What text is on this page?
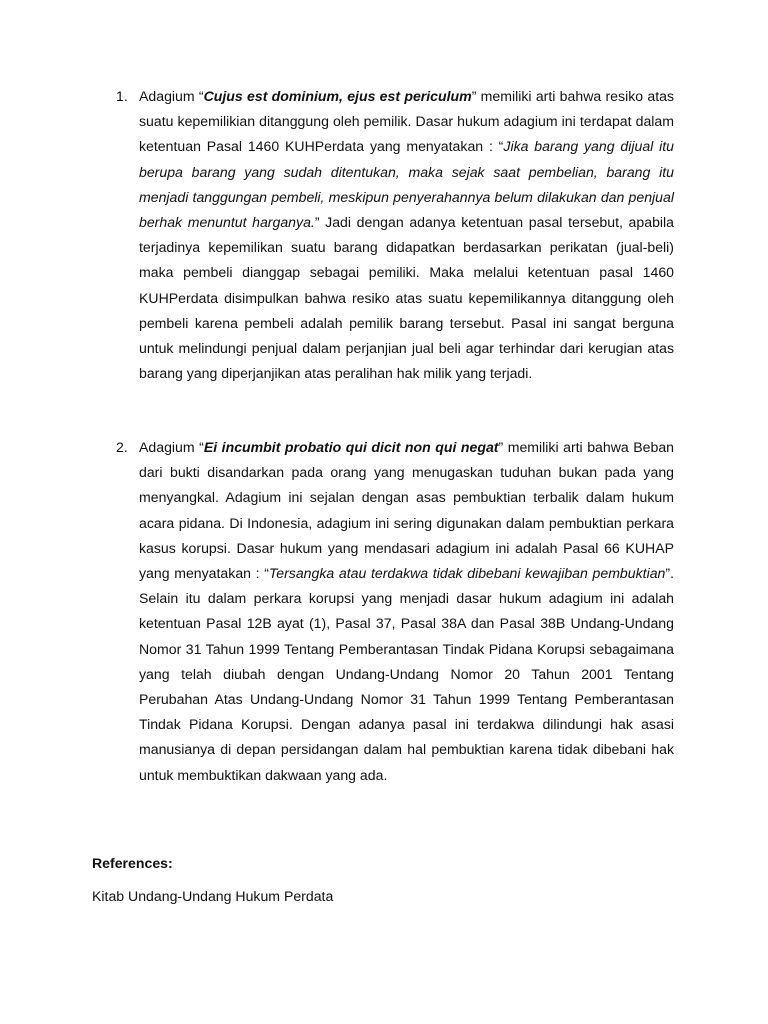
1. Adagium “Cujus est dominium, ejus est periculum” memiliki arti bahwa resiko atas suatu kepemilikian ditanggung oleh pemilik. Dasar hukum adagium ini terdapat dalam ketentuan Pasal 1460 KUHPerdata yang menyatakan : “Jika barang yang dijual itu berupa barang yang sudah ditentukan, maka sejak saat pembelian, barang itu menjadi tanggungan pembeli, meskipun penyerahannya belum dilakukan dan penjual berhak menuntut harganya.” Jadi dengan adanya ketentuan pasal tersebut, apabila terjadinya kepemilikan suatu barang didapatkan berdasarkan perikatan (jual-beli) maka pembeli dianggap sebagai pemiliki. Maka melalui ketentuan pasal 1460 KUHPerdata disimpulkan bahwa resiko atas suatu kepemilikannya ditanggung oleh pembeli karena pembeli adalah pemilik barang tersebut. Pasal ini sangat berguna untuk melindungi penjual dalam perjanjian jual beli agar terhindar dari kerugian atas barang yang diperjanjikan atas peralihan hak milik yang terjadi.

2. Adagium “Ei incumbit probatio qui dicit non qui negat” memiliki arti bahwa Beban dari bukti disandarkan pada orang yang menugaskan tuduhan bukan pada yang menyangkal. Adagium ini sejalan dengan asas pembuktian terbalik dalam hukum acara pidana. Di Indonesia, adagium ini sering digunakan dalam pembuktian perkara kasus korupsi. Dasar hukum yang mendasari adagium ini adalah Pasal 66 KUHAP yang menyatakan : “Tersangka atau terdakwa tidak dibebani kewajiban pembuktian”. Selain itu dalam perkara korupsi yang menjadi dasar hukum adagium ini adalah ketentuan Pasal 12B ayat (1), Pasal 37, Pasal 38A dan Pasal 38B Undang-Undang Nomor 31 Tahun 1999 Tentang Pemberantasan Tindak Pidana Korupsi sebagaimana yang telah diubah dengan Undang-Undang Nomor 20 Tahun 2001 Tentang Perubahan Atas Undang-Undang Nomor 31 Tahun 1999 Tentang Pemberantasan Tindak Pidana Korupsi. Dengan adanya pasal ini terdakwa dilindungi hak asasi manusianya di depan persidangan dalam hal pembuktian karena tidak dibebani hak untuk membuktikan dakwaan yang ada.

References:

Kitab Undang-Undang Hukum Perdata
